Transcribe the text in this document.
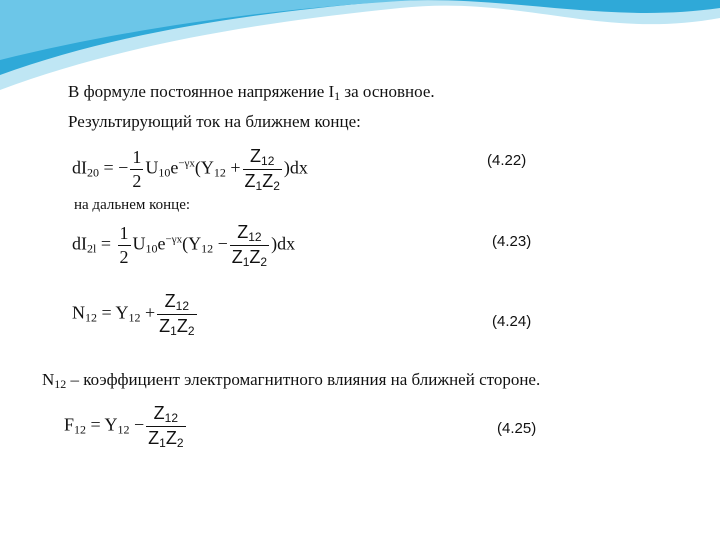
В формуле постоянное напряжение $I_1$ за основное.
Результирующий ток на ближнем конце:
$dI_{20}$ = − $\frac{1}{2} U_{10}e^{-\gamma x}(Y_{12} + \frac{Z_{12}}{Z_1Z_2} )dx$	(4.22)
на дальнем конце:
$dI_{2l} = \frac{1}{2} U_{10}e^{-\gamma x}(Y_{12} - \frac{Z_{12}}{Z_1Z_2} )dx$	(4.23)
$N_{12} = Y_{12} + \frac{Z_{12}}{Z_1Z_2}$	(4.24)
$N_{12}$ – коэффициент электромагнитного влияния на ближней стороне.
$F_{12} = Y_{12} - \frac{Z_{12}}{Z_1Z_2}$	(4.25)
